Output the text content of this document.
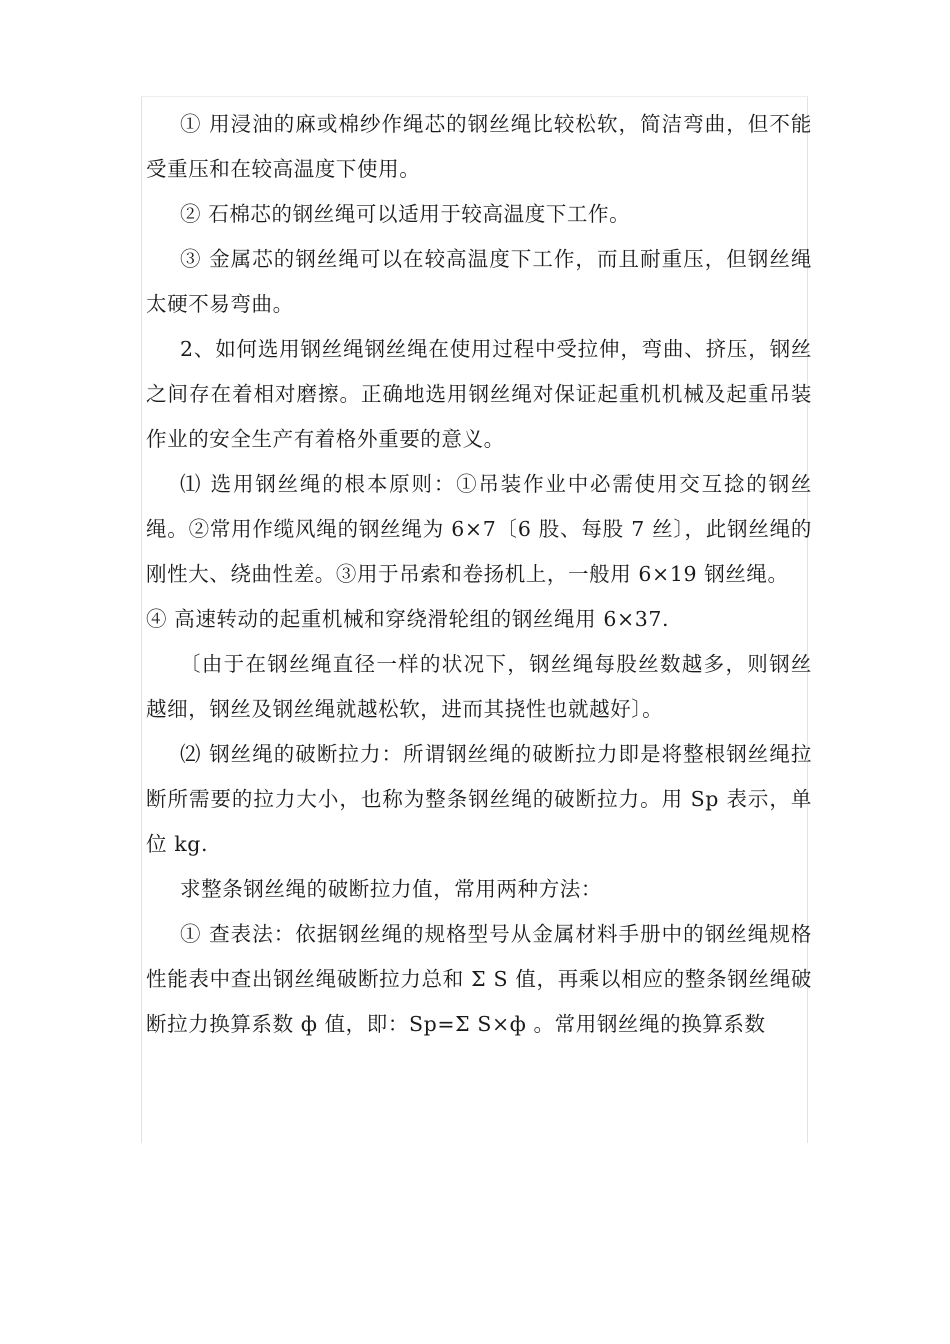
① 用浸油的麻或棉纱作绳芯的钢丝绳比较松软，简洁弯曲，但不能受重压和在较高温度下使用。

② 石棉芯的钢丝绳可以适用于较高温度下工作。

③ 金属芯的钢丝绳可以在较高温度下工作，而且耐重压，但钢丝绳太硬不易弯曲。

2、如何选用钢丝绳钢丝绳在使用过程中受拉伸，弯曲、挤压，钢丝之间存在着相对磨擦。正确地选用钢丝绳对保证起重机机械及起重吊装作业的安全生产有着格外重要的意义。

⑴ 选用钢丝绳的根本原则：①吊装作业中必需使用交互捻的钢丝绳。②常用作缆风绳的钢丝绳为 6×7〔6 股、每股 7 丝〕，此钢丝绳的刚性大、绕曲性差。③用于吊索和卷扬机上，一般用 6×19 钢丝绳。

④ 高速转动的起重机械和穿绕滑轮组的钢丝绳用 6×37.

〔由于在钢丝绳直径一样的状况下，钢丝绳每股丝数越多，则钢丝越细，钢丝及钢丝绳就越松软，进而其挠性也就越好〕。

⑵ 钢丝绳的破断拉力：所谓钢丝绳的破断拉力即是将整根钢丝绳拉断所需要的拉力大小，也称为整条钢丝绳的破断拉力。用 Sp 表示，单位 kg.

求整条钢丝绳的破断拉力值，常用两种方法：

① 查表法：依据钢丝绳的规格型号从金属材料手册中的钢丝绳规格性能表中查出钢丝绳破断拉力总和 Σ S 值，再乘以相应的整条钢丝绳破断拉力换算系数 ф 值，即：Sp=Σ S×ф 。常用钢丝绳的换算系数
